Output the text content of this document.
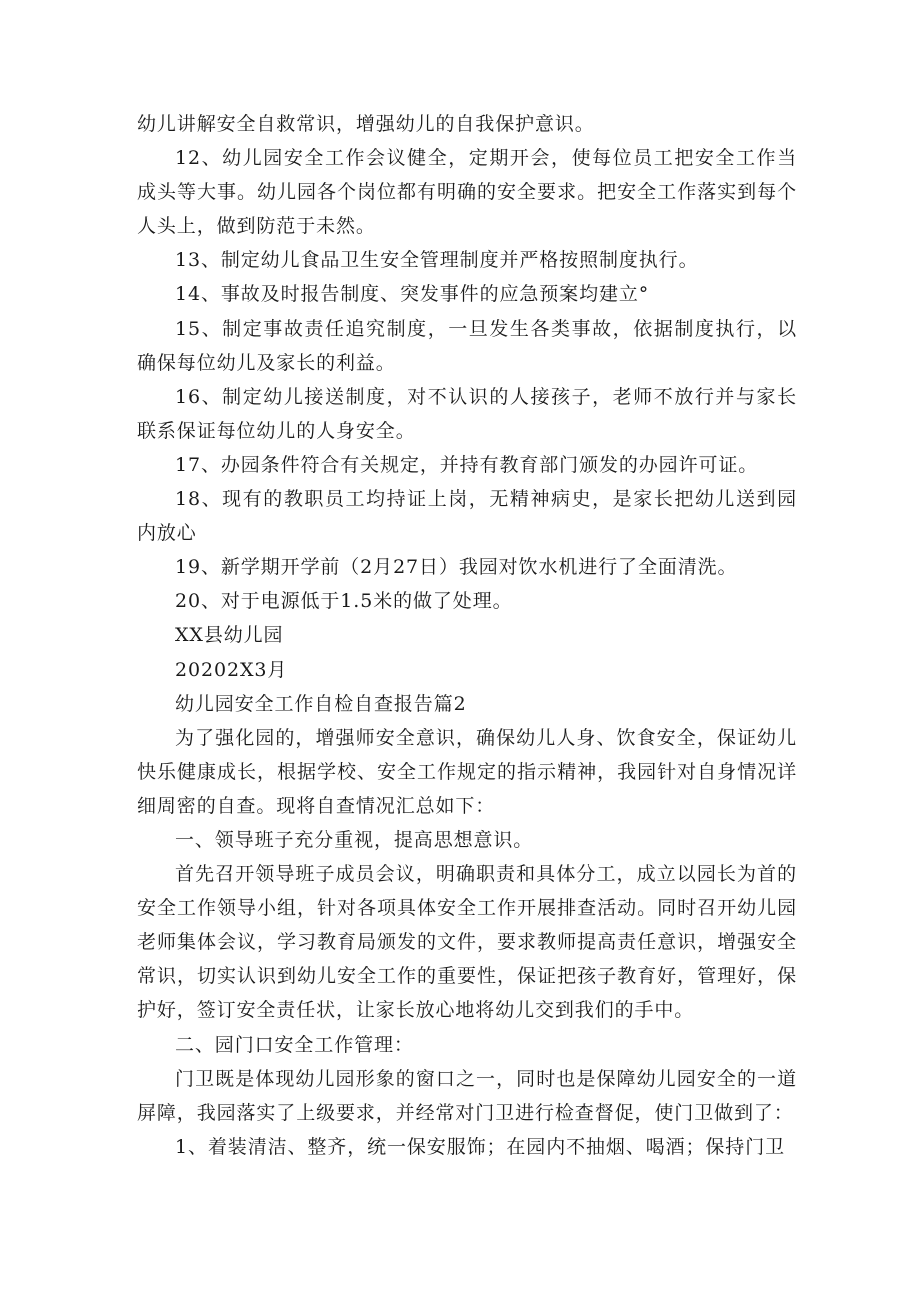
幼儿讲解安全自救常识，增强幼儿的自我保护意识。

12、幼儿园安全工作会议健全，定期开会，使每位员工把安全工作当成头等大事。幼儿园各个岗位都有明确的安全要求。把安全工作落实到每个人头上，做到防范于未然。

13、制定幼儿食品卫生安全管理制度并严格按照制度执行。

14、事故及时报告制度、突发事件的应急预案均建立°

15、制定事故责任追究制度，一旦发生各类事故，依据制度执行，以确保每位幼儿及家长的利益。

16、制定幼儿接送制度，对不认识的人接孩子，老师不放行并与家长联系保证每位幼儿的人身安全。

17、办园条件符合有关规定，并持有教育部门颁发的办园许可证。

18、现有的教职员工均持证上岗，无精神病史，是家长把幼儿送到园内放心

19、新学期开学前（2月27日）我园对饮水机进行了全面清洗。

20、对于电源低于1.5米的做了处理。

XX县幼儿园

20202X3月

幼儿园安全工作自检自查报告篇2

为了强化园的，增强师安全意识，确保幼儿人身、饮食安全，保证幼儿快乐健康成长，根据学校、安全工作规定的指示精神，我园针对自身情况详细周密的自查。现将自查情况汇总如下：

一、领导班子充分重视，提高思想意识。

首先召开领导班子成员会议，明确职责和具体分工，成立以园长为首的安全工作领导小组，针对各项具体安全工作开展排查活动。同时召开幼儿园老师集体会议，学习教育局颁发的文件，要求教师提高责任意识，增强安全常识，切实认识到幼儿安全工作的重要性，保证把孩子教育好，管理好，保护好，签订安全责任状，让家长放心地将幼儿交到我们的手中。

二、园门口安全工作管理：

门卫既是体现幼儿园形象的窗口之一，同时也是保障幼儿园安全的一道屏障，我园落实了上级要求，并经常对门卫进行检查督促，使门卫做到了：

1、着装清洁、整齐，统一保安服饰；在园内不抽烟、喝酒；保持门卫
